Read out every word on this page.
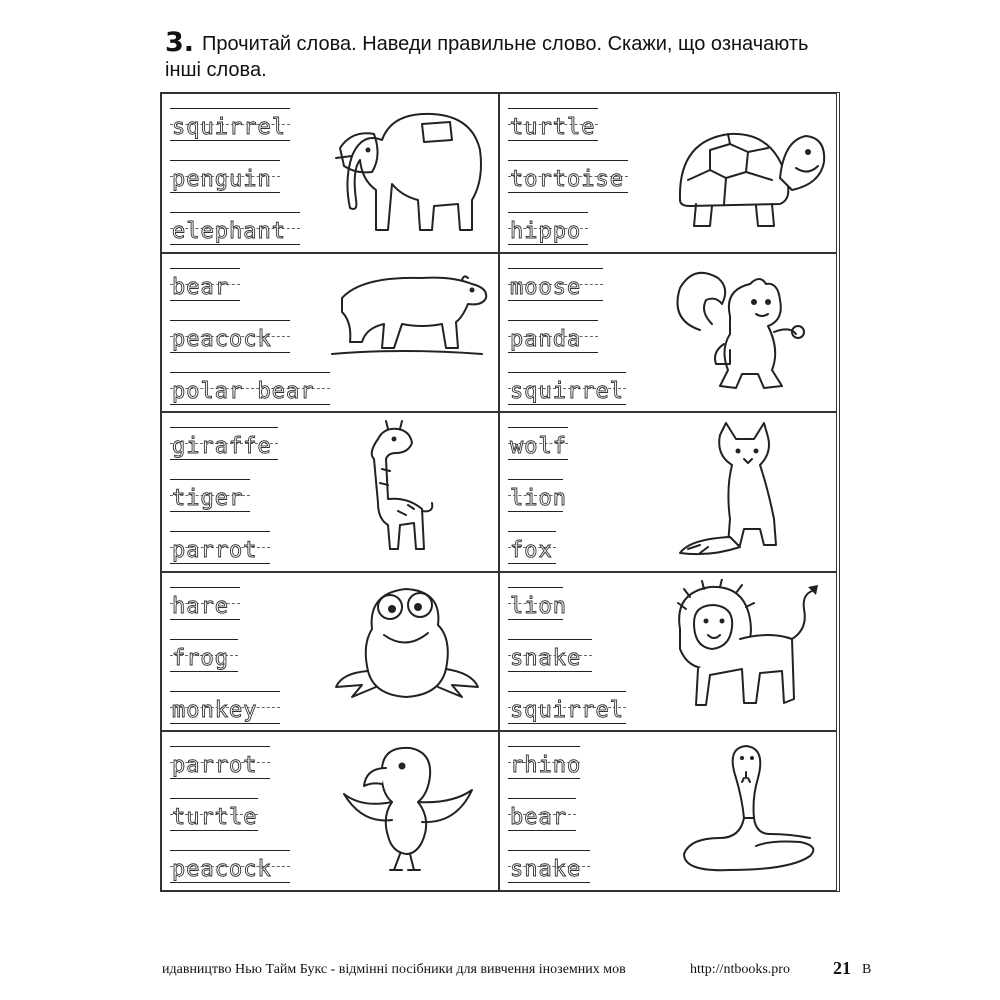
3. Прочитай слова. Наведи правильне слово. Скажи, що означають
інші слова.
squirrel
penguin
elephant
turtle
tortoise
hippo
bear
peacock
polar bear
moose
panda
squirrel
giraffe
tiger
parrot
wolf
lion
fox
hare
frog
monkey
lion
snake
squirrel
parrot
turtle
peacock
rhino
bear
snake
идавництво Нью Тайм Букс - відмінні посібники для вивчення іноземних мов	http://ntbooks.pro 21 В
